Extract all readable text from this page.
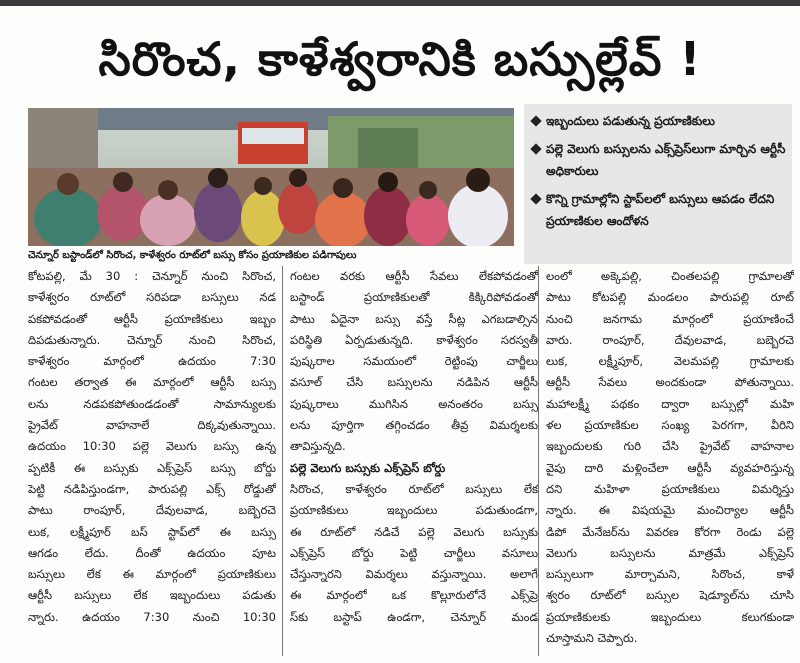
సిరొంచ, కాళేశ్వరానికి బస్సుల్లేవ్ !
చెన్నూర్ బస్టాండ్‌లో సిరొంచ, కాళేశ్వరం రూట్‌లో బస్సు కోసం ప్రయాణికుల పడిగాపులు
ఇబ్బందులు పడుతున్న ప్రయాణికులు
పల్లె వెలుగు బస్సులను ఎక్స్‌ప్రెస్‌లుగా మార్చిన ఆర్టీసీ అధికారులు
కొన్ని గ్రామాల్లోని స్టాప్‌లలో బస్సులు ఆపడం లేదని ప్రయాణికుల ఆందోళన
కోటపల్లి, మే 30 : చెన్నూర్ నుంచి సిరొంచ,
కాళేశ్వరం రూట్‌లో సరిపడా బస్సులు నడ
పకపోవడంతో ఆర్టీసీ ప్రయాణికులు ఇబ్బం
దిపడుతున్నారు. చెన్నూర్ నుంచి సిరొంచ,
కాళేశ్వరం మార్గంలో ఉదయం 7:30
గంటల తర్వాత ఈ మార్గంలో ఆర్టీసీ బస్సు
లను నడపకపోతుండడంతో సామాన్యులకు
ప్రైవేట్ వాహనాలే దిక్కవుతున్నాయి.
ఉదయం 10:30 పల్లె వెలుగు బస్సు ఉన్న
ప్పటికీ ఈ బస్సుకు ఎక్స్‌ప్రెస్ బస్సు బోర్డు
పెట్టి నడిపిస్తుండగా, పారుపల్లి ఎక్స్ రోడ్డుతో
పాటు రాంపూర్, దేవులవాడ, బబ్బెరచె
లుక, లక్ష్మీపూర్ బస్ స్టాప్‌లో ఈ బస్సు
ఆగడం లేదు. దీంతో ఉదయం పూట
బస్సులు లేక ఈ మార్గంలో ప్రయాణికులు
ఆర్టీసీ బస్సులు లేక ఇబ్బందులు పడుతు
న్నారు. ఉదయం 7:30 నుంచి 10:30
గంటల వరకు ఆర్టీసీ సేవలు లేకపోవడంతో
బస్టాండ్ ప్రయాణికులతో కిక్కిరిపోవడంతో
పాటు ఏదైనా బస్సు వస్తే సీట్ల ఎగబడాల్సిన
పరిస్థితి ఏర్పడుతున్నది. కాళేశ్వరం సరస్వతీ
పుష్కరాల సమయంలో రెట్టింపు చార్జీలు
వసూల్ చేసి బస్సులను నడిపిన ఆర్టీసీ
పుష్కరాలు ముగిసిన అనంతరం బస్సు
లను పూర్తిగా తగ్గించడం తీవ్ర విమర్శలకు
తావిస్తున్నది.
పల్లె వెలుగు బస్సుకు ఎక్స్‌ప్రెస్ బోర్డు
సిరొంచ, కాళేశ్వరం రూట్‌లో బస్సులు లేక
ప్రయాణికులు ఇబ్బందులు పడుతుండగా,
ఈ రూట్‌లో నడిచే పల్లె వెలుగు బస్సుకు
ఎక్స్‌ప్రెస్ బోర్డు పెట్టి చార్జీలు వసూలు
చేస్తున్నారని విమర్శలు వస్తున్నాయి. అలాగే
ఈ మార్గంలో ఒక కొల్లూరులోనే ఎక్స్‌ప్రె
స్‌కు బస్టాప్ ఉండగా, చెన్నూర్ మండ
లంలో అక్కెపల్లి, చింతలపల్లి గ్రామాలతో
పాటు కోటపల్లి మండలం పారుపల్లి రూట్
నుంచి జనగామ మార్గంలో ప్రయాణించే
వారు. రాంపూర్, దేవులవాడ, బబ్బెరచె
లుక, లక్ష్మీపూర్, వెలమపల్లి గ్రామాలకు
ఆర్టీసీ సేవలు అందకుండా పోతున్నాయి.
మహాలక్ష్మీ పథకం ద్వారా బస్సుల్లో మహి
ళల ప్రయాణికుల సంఖ్య పెరగగా, వీరిని
ఇబ్బందులకు గురి చేసి ప్రైవేట్ వాహనాల
వైపు దారి మళ్లించేలా ఆర్టీసీ వ్యవహరిస్తున్న
దని మహిళా ప్రయాణికులు విమర్శిస్తు
న్నారు. ఈ విషయమై మంచిర్యాల ఆర్టీసీ
డిపో మేనేజర్‌ను వివరణ కోరగా రెండు పల్లె
వెలుగు బస్సులను మాత్రమే ఎక్స్‌ప్రెస్
బస్సులుగా మార్చామని, సిరొంచ, కాళే
శ్వరం రూట్‌లో బస్సుల షెడ్యూల్‌ను చూసి
ప్రయాణికులకు ఇబ్బందులు కలుగకుండా
చూస్తామని చెప్పారు.
